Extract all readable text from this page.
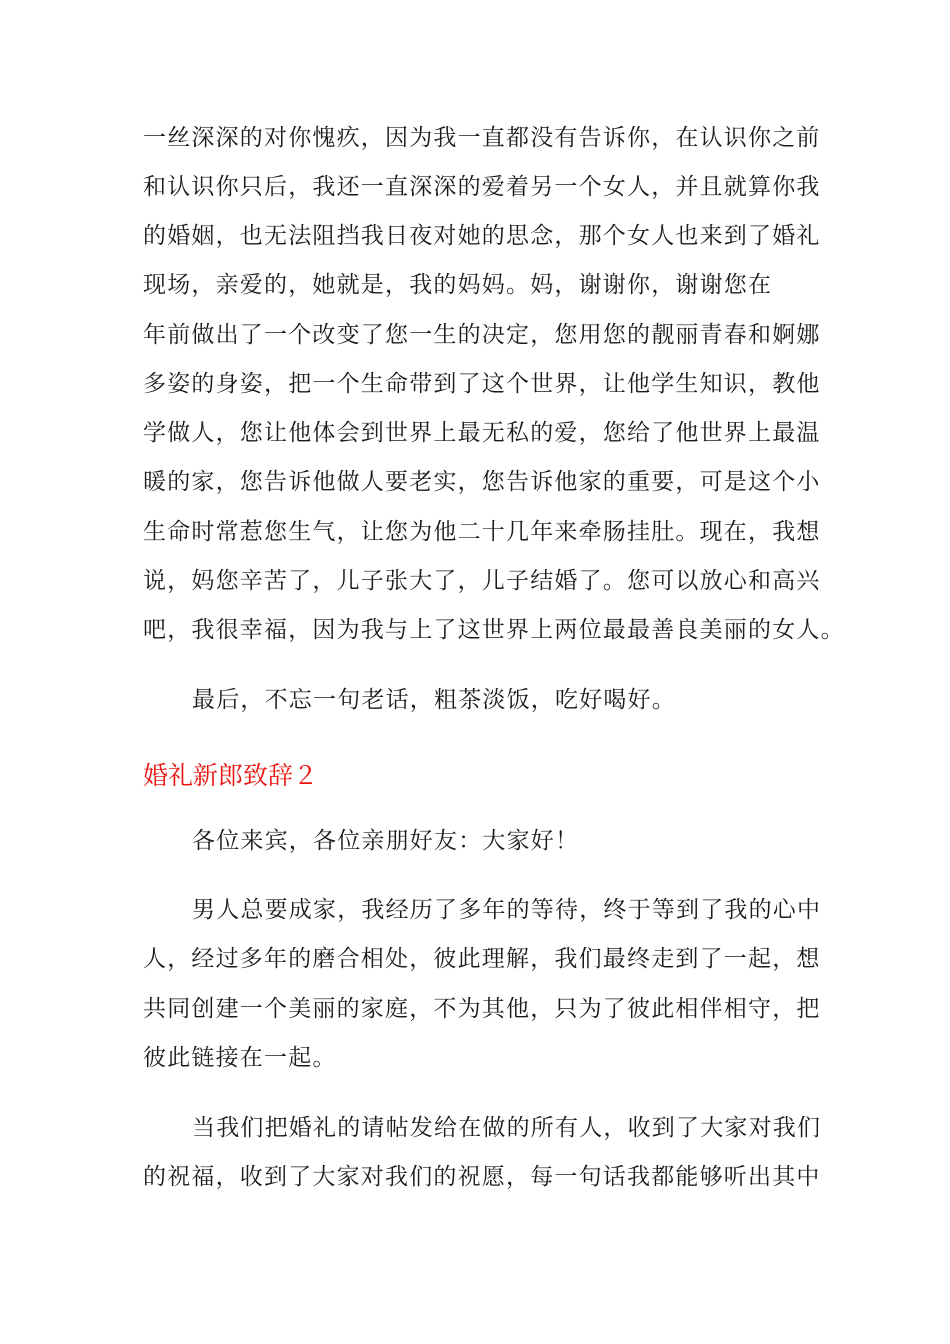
一丝深深的对你愧疚，因为我一直都没有告诉你，在认识你之前
和认识你只后，我还一直深深的爱着另一个女人，并且就算你我
的婚姻，也无法阻挡我日夜对她的思念，那个女人也来到了婚礼
现场，亲爱的，她就是，我的妈妈。妈，谢谢你，谢谢您在
年前做出了一个改变了您一生的决定，您用您的靓丽青春和婀娜
多姿的身姿，把一个生命带到了这个世界，让他学生知识，教他
学做人，您让他体会到世界上最无私的爱，您给了他世界上最温
暖的家，您告诉他做人要老实，您告诉他家的重要，可是这个小
生命时常惹您生气，让您为他二十几年来牵肠挂肚。现在，我想
说，妈您辛苦了，儿子张大了，儿子结婚了。您可以放心和高兴
吧，我很幸福，因为我与上了这世界上两位最最善良美丽的女人。
最后，不忘一句老话，粗茶淡饭，吃好喝好。
婚礼新郎致辞２
各位来宾，各位亲朋好友：大家好！
男人总要成家，我经历了多年的等待，终于等到了我的心中
人，经过多年的磨合相处，彼此理解，我们最终走到了一起，想
共同创建一个美丽的家庭，不为其他，只为了彼此相伴相守，把
彼此链接在一起。
当我们把婚礼的请帖发给在做的所有人，收到了大家对我们
的祝福，收到了大家对我们的祝愿，每一句话我都能够听出其中
